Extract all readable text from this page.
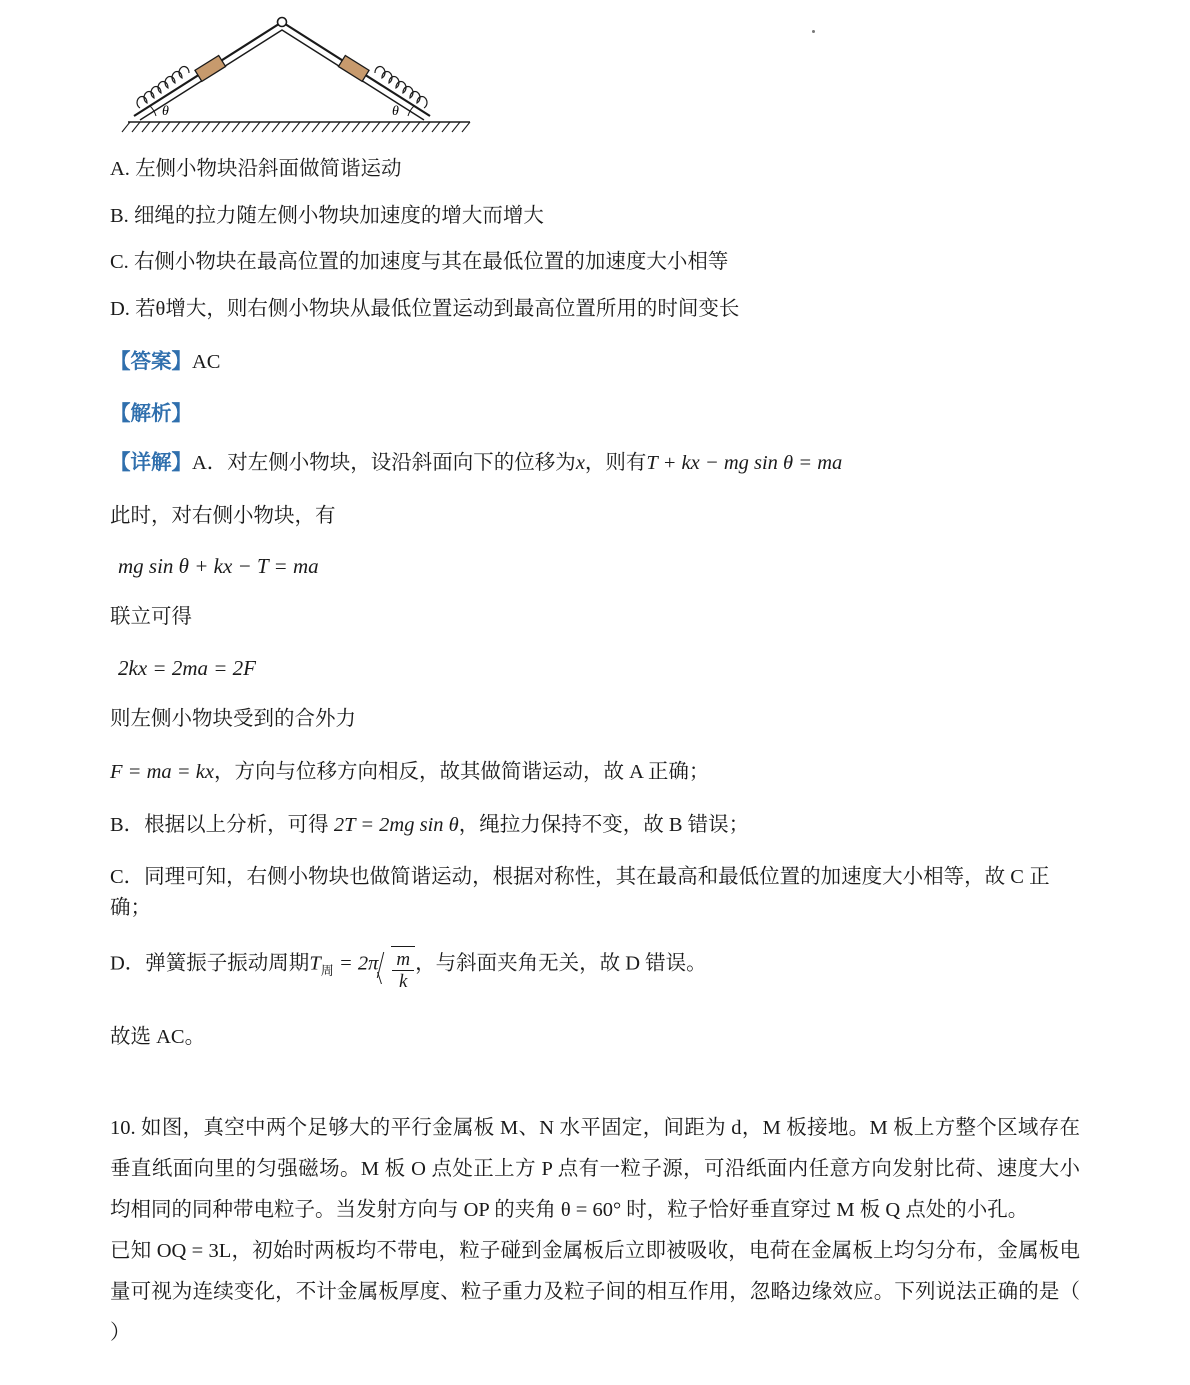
θ	θ
A. 左侧小物块沿斜面做简谐运动
B. 细绳的拉力随左侧小物块加速度的增大而增大
C. 右侧小物块在最高位置的加速度与其在最低位置的加速度大小相等
D. 若θ增大，则右侧小物块从最低位置运动到最高位置所用的时间变长
【答案】AC
【解析】
【详解】A．对左侧小物块，设沿斜面向下的位移为x，则有T + kx − mg sin θ = ma
此时，对右侧小物块，有
mg sin θ + kx − T = ma
联立可得
2kx = 2ma = 2F
则左侧小物块受到的合外力
F = ma = kx，方向与位移方向相反，故其做简谐运动，故 A 正确；
B．根据以上分析，可得 2T = 2mg sin θ，绳拉力保持不变，故 B 错误；
C．同理可知，右侧小物块也做简谐运动，根据对称性，其在最高和最低位置的加速度大小相等，故 C 正确；
D．弹簧振子振动周期$T_周 = 2\pi \frac{m}{k}$ ，与斜面夹角无关，故 D 错误。
故选 AC。

10. 如图，真空中两个足够大的平行金属板 M、N 水平固定，间距为 d，M 板接地。M 板上方整个区域存在垂直纸面向里的匀强磁场。M 板 O 点处正上方 P 点有一粒子源，可沿纸面内任意方向发射比荷、速度大小均相同的同种带电粒子。当发射方向与 OP 的夹角 θ = 60° 时，粒子恰好垂直穿过 M 板 Q 点处的小孔。

已知 OQ = 3L，初始时两板均不带电，粒子碰到金属板后立即被吸收，电荷在金属板上均匀分布，金属板电量可视为连续变化，不计金属板厚度、粒子重力及粒子间的相互作用，忽略边缘效应。下列说法正确的是（ ）
